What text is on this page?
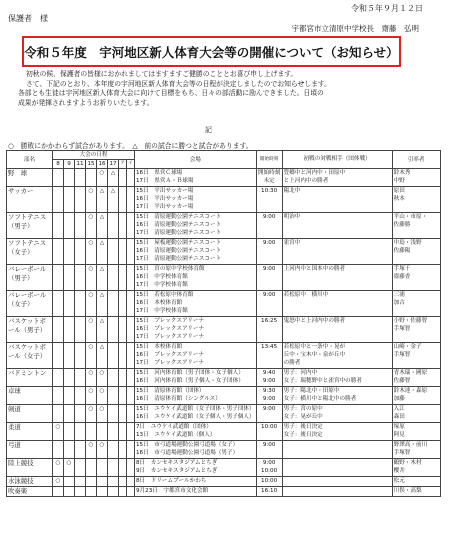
令和５年９月１２日
保護者　様
宇都宮市立清原中学校長　齋藤　弘明
令和５年度　宇河地区新人体育大会等の開催について（お知らせ）

初秋の候、保護者の皆様におかれましてはますますご健勝のこととお喜び申し上げます。

さて、下記のとおり、本年度の宇河地区新人体育大会等の日程が決定しましたのでお知らせします。

各部とも生徒は宇河地区新人体育大会に向けて目標をもち、日々の部活動に励んできました。日頃の

成果が発揮されますようお祈りいたします。

記
○　勝敗にかかわらず試合があります。　△　前の試合に勝つと試合があります。
部名	大会の日程								会場	開始時刻	初戦の対戦相手（団体戦）	引率者
	8	9	11	15	16	17	ア	イ				
野　球					○	△			16日　県営Ｃ球場
17日　県営Ａ・Ｂ球場	開始時刻未定	豊郷中と河内中・田原中
と上河内中の勝者	鈴木秀
中野

サッカー				○	△	△			15日　平出サッカー場
16日　平出サッカー場
17日　平出サッカー場	10:30	陽北中	原田
秋本

ソフトテニス（男子）				○	△				15日　清原運動公園テニスコート
16日　清原運動公園テニスコート
17日　清原運動公園テニスコート	9:00	明治中	平山・市原・
佐藤勝

ソフトテニス（女子）				○	△				15日　屋板運動公園テニスコート
16日　清原運動公園テニスコート
17日　清原運動公園テニスコート	9:00	雀宮中	中島・浅野
佐藤陽

バレーボール（男子）				○	△				15日　宮の原中学校体育館
16日　中学校体育館
17日　中学校体育館	9:00	上河内中と国本中の勝者	手塚千
齋藤香

バレーボール（女子）				○	△				15日　若松原中体育館
16日　本校体育館
17日　中学校体育館	9:00	若松原中　横川中	三浦
加古

バスケットボール（男子）				○	△				15日　ブレックスアリーナ
16日　ブレックスアリーナ
17日　ブレックスアリーナ	16:25	鬼怒中と上河内中の勝者	小野・佐藤智
手塚智

バスケットボール（女子）				○	△				15日　本校体育館
16日　ブレックスアリーナ
17日　ブレックスアリーナ	13:45	若松原中と一条中・晃が
丘中・宝木中・泉が丘中
の勝者	山崎・金子
手塚智

バドミントン				○	○				15日　河内体育館（男子団体・女子個人）
16日　河内体育館（男子個人・女子団体）	9:40　9:00	男子：河内中
女子：瑞穂野中と雀宮中の勝者	青木瑞・國原
佐藤智

卓球				○	○				15日　清原体育館（団体）
16日　清原体育館（シングルス）	9:30　9:00	男子：陽北中・田原中
女子：横川中と陽北中の勝者	鈴木達・森原
加藤

剣道				○	○				15日　ユウケイ武道館（女子団体・男子団体）
16日　ユウケイ武道館（女子個人・男子個人）	9:00	男子：宮の原中
女子：晃が丘中	入江
森田

柔道	○								7日　ユウケイ武道館（団体）
13日　ユウケイ武道館（個人）	10:00	男子：後日決定
女子：後日決定	塚原
阿見

弓道				○	○				15日　市弓道場運動公園弓道場（女子）
16日　市弓道場運動公園弓道場（男子）	9:00		野澤高・前川
手塚智

陸上競技	○	○							8日　カンセキスタジアムとちぎ
9日　カンセキスタジアムとちぎ	9:00　10:00		鶴野・木村
櫻井

水泳競技	○								8日　ドリームプールかわち	10:00		松元

吹奏楽									9月23日　宇都宮市文化会館	16:10		川俣・高梨
